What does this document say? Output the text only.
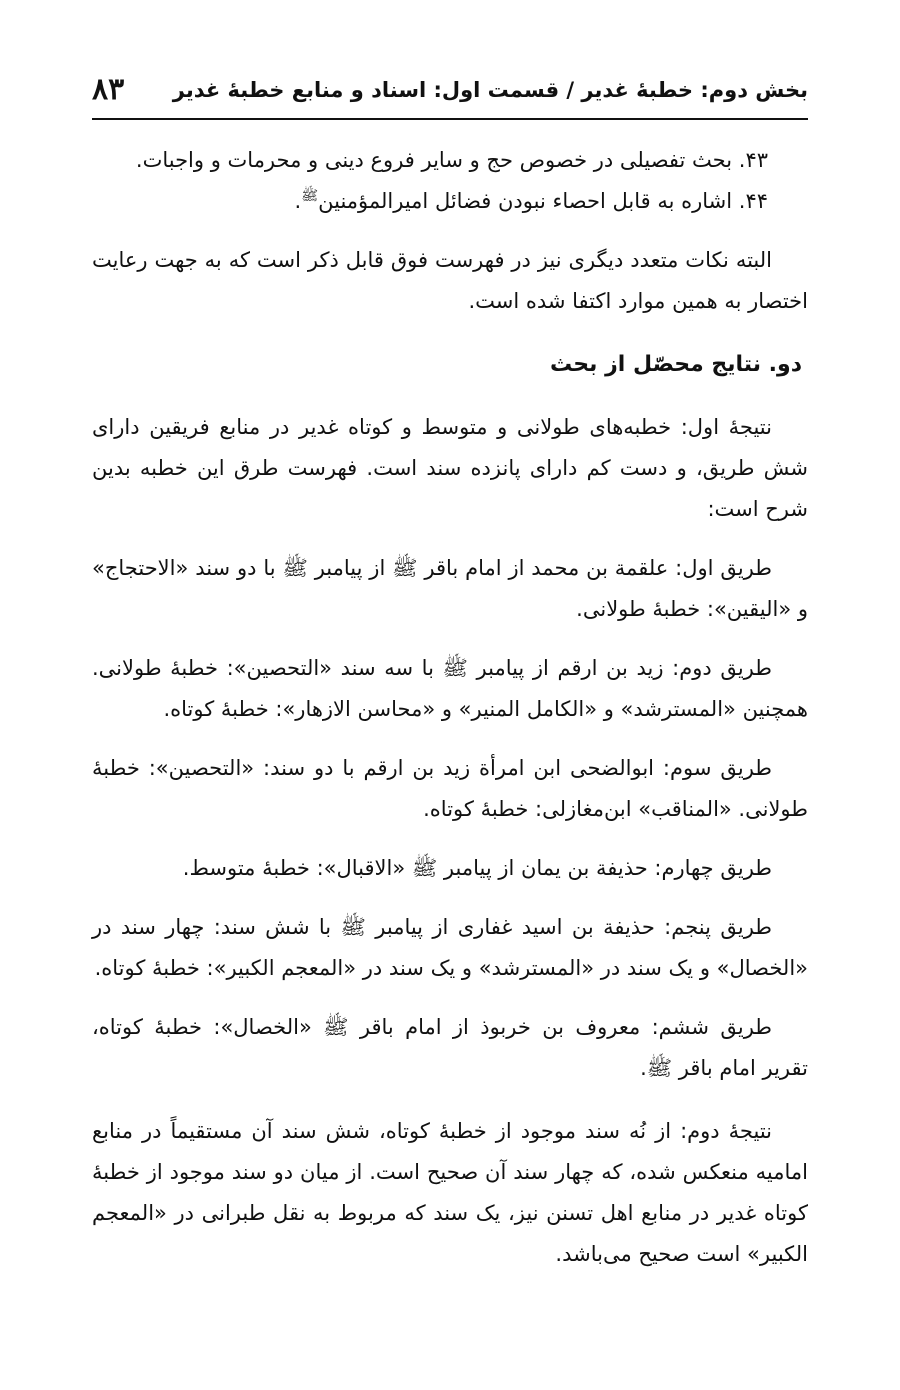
بخش دوم: خطبهٔ غدیر / قسمت اول: اسناد و منابع خطبهٔ غدیر
۸۳

۴۳. بحث تفصیلی در خصوص حج و سایر فروع دینی و محرمات و واجبات.

۴۴. اشاره به قابل احصاء نبودن فضائل امیرالمؤمنین$^ﷺ$.

البته نکات متعدد دیگری نیز در فهرست فوق قابل ذکر است که به جهت رعایت اختصار به همین موارد اکتفا شده است.

دو. نتایج محصّل از بحث

نتیجهٔ اول: خطبه‌های طولانی و متوسط و کوتاه غدیر در منابع فریقین دارای شش طریق، و دست کم دارای پانزده سند است. فهرست طرق این خطبه بدین شرح است:

طریق اول: علقمة بن محمد از امام باقر ﷺ از پیامبر ﷺ با دو سند «الاحتجاج» و «الیقین»: خطبهٔ طولانی.

طریق دوم: زید بن ارقم از پیامبر ﷺ با سه سند «التحصین»: خطبهٔ طولانی. همچنین «المسترشد» و «الکامل المنیر» و «محاسن الازهار»: خطبهٔ کوتاه.

طریق سوم: ابوالضحی ابن امرأة زید بن ارقم با دو سند: «التحصین»: خطبهٔ طولانی. «المناقب» ابن‌مغازلی: خطبهٔ کوتاه.

طریق چهارم: حذیفة بن یمان از پیامبر ﷺ «الاقبال»: خطبهٔ متوسط.

طریق پنجم: حذیفة بن اسید غفاری از پیامبر ﷺ با شش سند: چهار سند در «الخصال» و یک سند در «المسترشد» و یک سند در «المعجم الکبیر»: خطبهٔ کوتاه.

طریق ششم: معروف بن خربوذ از امام باقر ﷺ «الخصال»: خطبهٔ کوتاه، تقریر امام باقر ﷺ.

نتیجهٔ دوم: از نُه سند موجود از خطبهٔ کوتاه، شش سند آن مستقیماً در منابع امامیه منعکس شده، که چهار سند آن صحیح است. از میان دو سند موجود از خطبهٔ کوتاه غدیر در منابع اهل تسنن نیز، یک سند که مربوط به نقل طبرانی در «المعجم الکبیر» است صحیح می‌باشد.
